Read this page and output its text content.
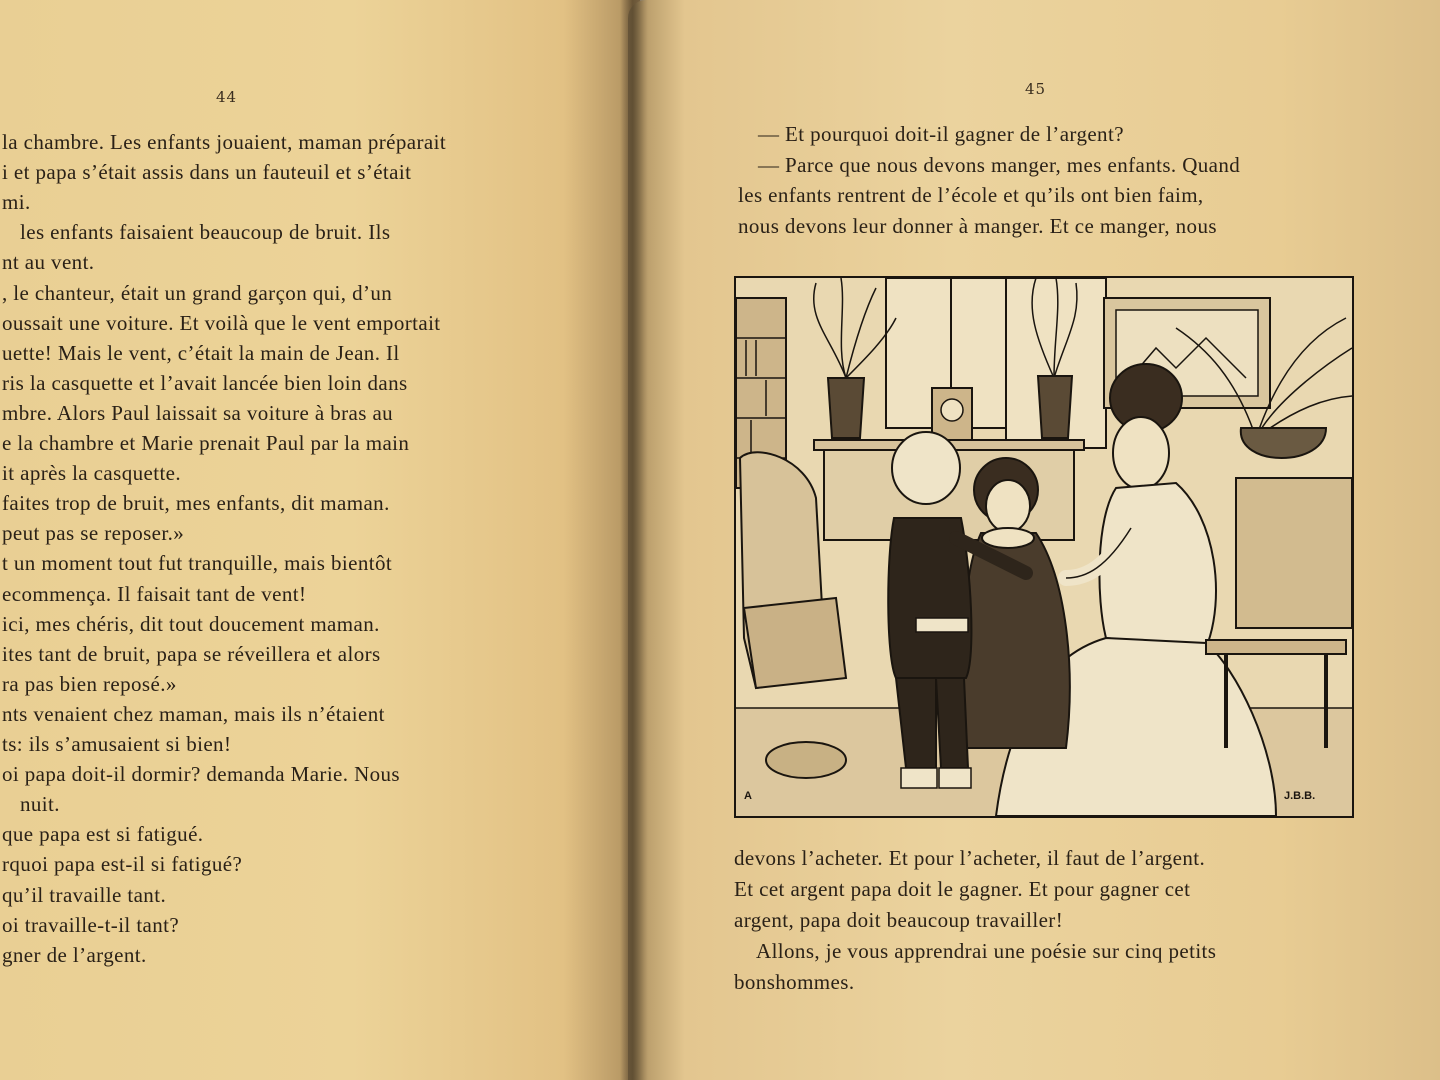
44
la chambre. Les enfants jouaient, maman préparait
i et papa s’était assis dans un fauteuil et s’était
mi.
les enfants faisaient beaucoup de bruit. Ils
nt au vent.
, le chanteur, était un grand garçon qui, d’un
oussait une voiture. Et voilà que le vent emportait
uette! Mais le vent, c’était la main de Jean. Il
ris la casquette et l’avait lancée bien loin dans
mbre. Alors Paul laissait sa voiture à bras au
e la chambre et Marie prenait Paul par la main
it après la casquette.
faites trop de bruit, mes enfants, dit maman.
peut pas se reposer.»
t un moment tout fut tranquille, mais bientôt
ecommença. Il faisait tant de vent!
ici, mes chéris, dit tout doucement maman.
ites tant de bruit, papa se réveillera et alors
ra pas bien reposé.»
nts venaient chez maman, mais ils n’étaient
ts: ils s’amusaient si bien!
oi papa doit-il dormir? demanda Marie. Nous
nuit.
que papa est si fatigué.
rquoi papa est-il si fatigué?
qu’il travaille tant.
oi travaille-t-il tant?
gner de l’argent.
45
— Et pourquoi doit-il gagner de l’argent?
— Parce que nous devons manger, mes enfants. Quand
les enfants rentrent de l’école et qu’ils ont bien faim,
nous devons leur donner à manger. Et ce manger, nous
A	J.B.B.
devons l’acheter. Et pour l’acheter, il faut de l’argent.
Et cet argent papa doit le gagner. Et pour gagner cet
argent, papa doit beaucoup travailler!
Allons, je vous apprendrai une poésie sur cinq petits
bonshommes.
